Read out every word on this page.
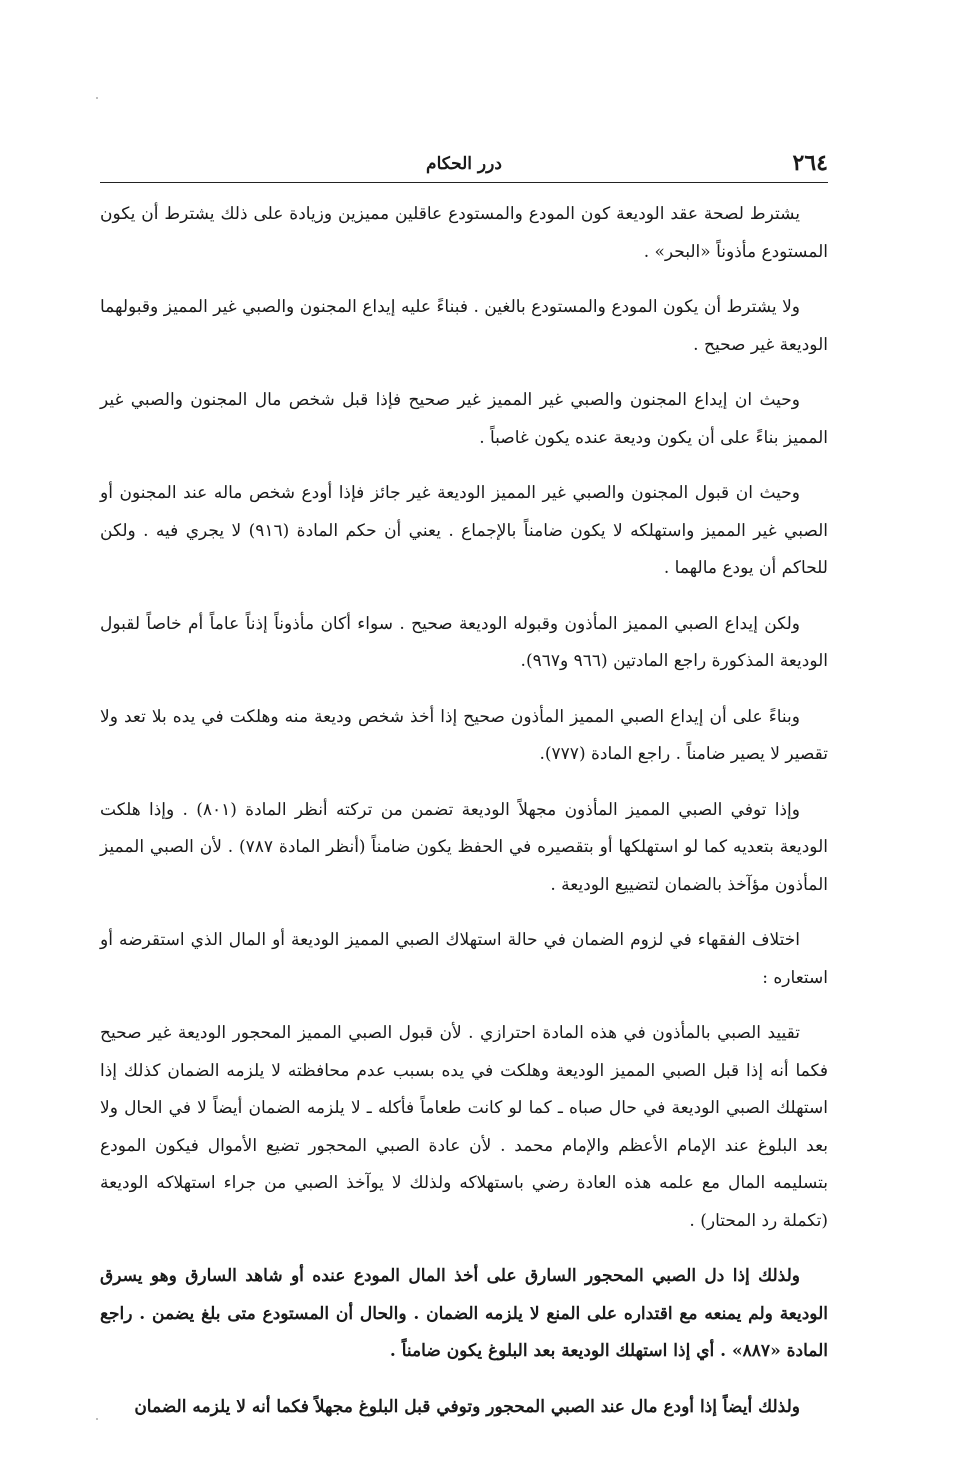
٢٦٤
درر الحكام

يشترط لصحة عقد الوديعة كون المودع والمستودع عاقلين مميزين وزيادة على ذلك يشترط أن يكون المستودع مأذوناً «البحر» .

ولا يشترط أن يكون المودع والمستودع بالغين . فبناءً عليه إيداع المجنون والصبي غير المميز وقبولهما الوديعة غير صحيح .

وحيث ان إيداع المجنون والصبي غير المميز غير صحيح فإذا قبل شخص مال المجنون والصبي غير المميز بناءً على أن يكون وديعة عنده يكون غاصباً .

وحيث ان قبول المجنون والصبي غير المميز الوديعة غير جائز فإذا أودع شخص ماله عند المجنون أو الصبي غير المميز واستهلكه لا يكون ضامناً بالإجماع . يعني أن حكم المادة (٩١٦) لا يجري فيه . ولكن للحاكم أن يودع مالهما .

ولكن إيداع الصبي المميز المأذون وقبوله الوديعة صحيح . سواء أكان مأذوناً إذناً عاماً أم خاصاً لقبول الوديعة المذكورة راجع المادتين (٩٦٦ و٩٦٧).

وبناءً على أن إيداع الصبي المميز المأذون صحيح إذا أخذ شخص وديعة منه وهلكت في يده بلا تعد ولا تقصير لا يصير ضامناً . راجع المادة (٧٧٧).

وإذا توفي الصبي المميز المأذون مجهلاً الوديعة تضمن من تركته أنظر المادة (٨٠١) . وإذا هلكت الوديعة بتعديه كما لو استهلكها أو بتقصيره في الحفظ يكون ضامناً (أنظر المادة ٧٨٧) . لأن الصبي المميز المأذون مؤآخذ بالضمان لتضييع الوديعة .

اختلاف الفقهاء في لزوم الضمان في حالة استهلاك الصبي المميز الوديعة أو المال الذي استقرضه أو استعاره :

تقييد الصبي بالمأذون في هذه المادة احترازي . لأن قبول الصبي المميز المحجور الوديعة غير صحيح فكما أنه إذا قبل الصبي المميز الوديعة وهلكت في يده بسبب عدم محافظته لا يلزمه الضمان كذلك إذا استهلك الصبي الوديعة في حال صباه ـ كما لو كانت طعاماً فأكله ـ لا يلزمه الضمان أيضاً لا في الحال ولا بعد البلوغ عند الإمام الأعظم والإمام محمد . لأن عادة الصبي المحجور تضيع الأموال فيكون المودع بتسليمه المال مع علمه هذه العادة رضي باستهلاكه ولذلك لا يوآخذ الصبي من جراء استهلاكه الوديعة (تكملة رد المحتار) .

ولذلك إذا دل الصبي المحجور السارق على أخذ المال المودع عنده أو شاهد السارق وهو يسرق الوديعة ولم يمنعه مع اقتداره على المنع لا يلزمه الضمان . والحال أن المستودع متى بلغ يضمن . راجع المادة «٨٨٧» . أي إذا استهلك الوديعة بعد البلوغ يكون ضامناً .

ولذلك أيضاً إذا أودع مال عند الصبي المحجور وتوفي قبل البلوغ مجهلاً فكما أنه لا يلزمه الضمان
